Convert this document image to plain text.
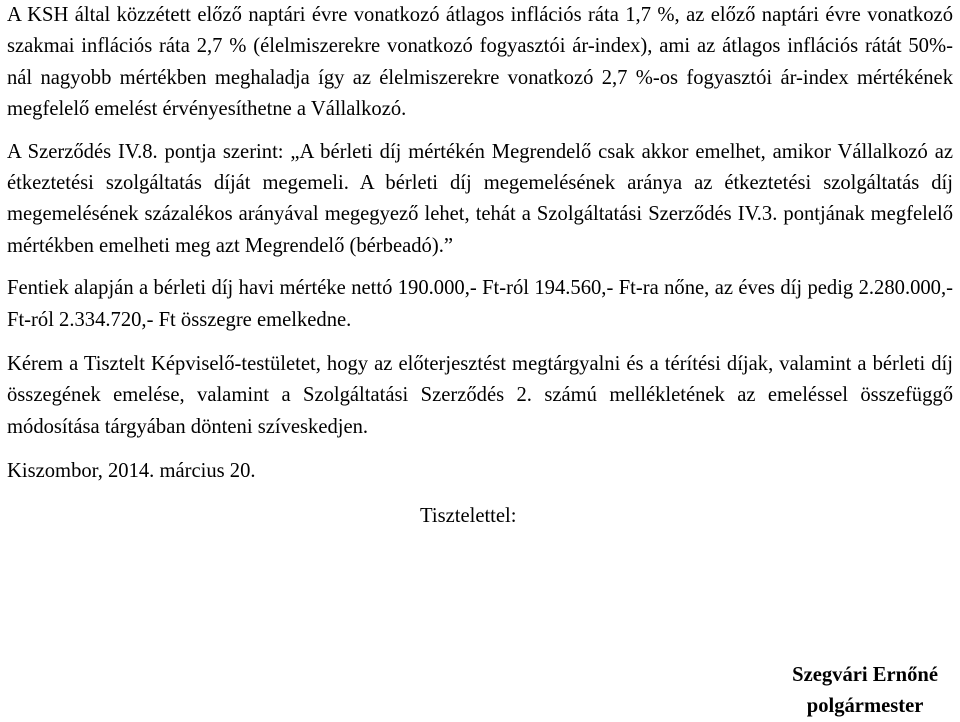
A KSH által közzétett előző naptári évre vonatkozó átlagos inflációs ráta 1,7 %, az előző naptári évre vonatkozó szakmai inflációs ráta 2,7 % (élelmiszerekre vonatkozó fogyasztói ár-index), ami az átlagos inflációs rátát 50%-nál nagyobb mértékben meghaladja így az élelmiszerekre vonatkozó 2,7 %-os fogyasztói ár-index mértékének megfelelő emelést érvényesíthetne a Vállalkozó.

A Szerződés IV.8. pontja szerint: „A bérleti díj mértékén Megrendelő csak akkor emelhet, amikor Vállalkozó az étkeztetési szolgáltatás díját megemeli. A bérleti díj megemelésének aránya az étkeztetési szolgáltatás díj megemelésének százalékos arányával megegyező lehet, tehát a Szolgáltatási Szerződés IV.3. pontjának megfelelő mértékben emelheti meg azt Megrendelő (bérbeadó).”

Fentiek alapján a bérleti díj havi mértéke nettó 190.000,- Ft-ról 194.560,- Ft-ra nőne, az éves díj pedig 2.280.000,- Ft-ról 2.334.720,- Ft összegre emelkedne.

Kérem a Tisztelt Képviselő-testületet, hogy az előterjesztést megtárgyalni és a térítési díjak, valamint a bérleti díj összegének emelése, valamint a Szolgáltatási Szerződés 2. számú mellékletének az emeléssel összefüggő módosítása tárgyában dönteni szíveskedjen.

Kiszombor, 2014. március 20.

Tisztelettel:

Szegvári Ernőné
polgármester
